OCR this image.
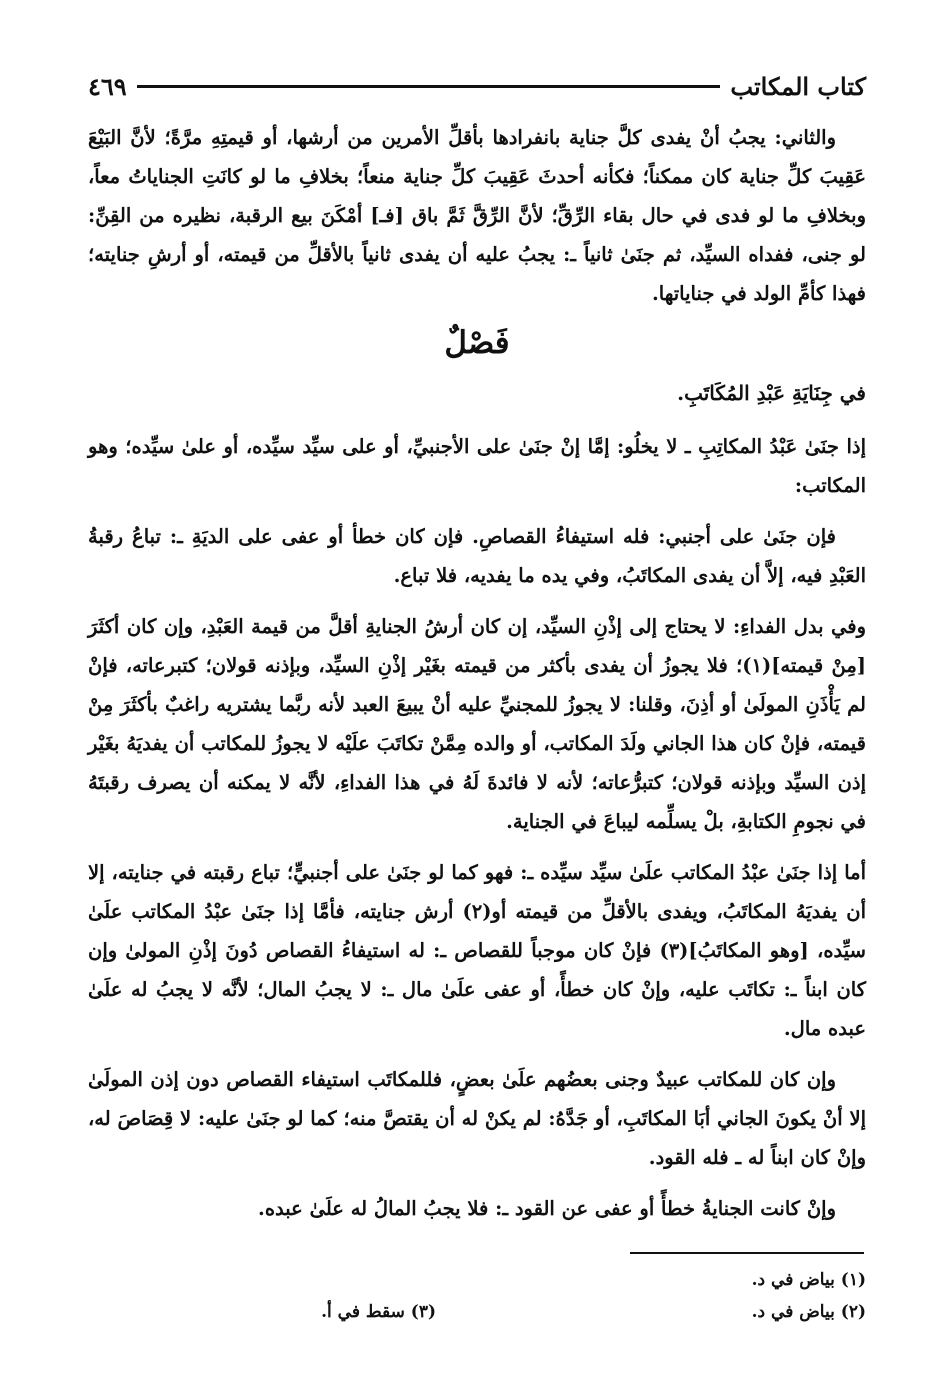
كتاب المكاتب
٤٦٩

والثاني: يجبُ أنْ يفدى كلَّ جناية بانفرادها بأقلِّ الأمرين من أرشها، أو قيمتِهِ مرَّةً؛ لأنَّ البَيْعَ عَقِيبَ كلِّ جناية كان ممكناً؛ فكأنه أحدثَ عَقِيبَ كلِّ جناية منعاً؛ بخلافِ ما لو كانَتِ الجناياتُ معاً، وبخلافِ ما لو فدى في حال بقاء الرِّقِّ؛ لأنَّ الرِّقَّ ثَمَّ باق [فـ] أمْكَنَ بيع الرقبة، نظيره من القِنِّ: لو جنى، ففداه السيِّد، ثم جنَىٰ ثانياً ـ: يجبُ عليه أن يفدى ثانياً بالأقلِّ من قيمته، أو أرشِ جنايته؛ فهذا كأمِّ الولد في جناياتها.

فَصْلٌ

في جِنَايَةِ عَبْدِ المُكَاتَبِ.

إذا جنَىٰ عَبْدُ المكاتِبِ ـ لا يخلُو: إمَّا إنْ جنَىٰ على الأجنبيِّ، أو على سيِّد سيِّده، أو علىٰ سيِّده؛ وهو المكاتب:

فإن جنَىٰ على أجنبي: فله استيفاءُ القصاصِ. فإن كان خطأ أو عفى على الديَةِ ـ: تباعُ رقبةُ العَبْدِ فيه، إلاَّ أن يفدى المكاتَبُ، وفي يده ما يفديه، فلا تباع.

وفي بدل الفداءِ: لا يحتاج إلى إذْنِ السيِّد، إن كان أرشُ الجنايةِ أقلَّ من قيمة العَبْدِ، وإن كان أكثَرَ [مِنْ قيمته](١)؛ فلا يجوزُ أن يفدى بأكثر من قيمته بغَيْر إذْنِ السيِّد، وبإذنه قولان؛ كتبرعاته، فإنْ لم يَأْذَنِ المولَىٰ أو أذِنَ، وقلنا: لا يجوزُ للمجنيِّ عليه أنْ يبيعَ العبد لأنه ربَّما يشتريه راغبٌ بأكثَرَ مِنْ قيمته، فإنْ كان هذا الجاني ولَدَ المكاتب، أو والده مِمَّنْ تكاتَبَ علَيْه لا يجوزُ للمكاتب أن يفديَهُ بغَيْر إذن السيِّد وبإذنه قولان؛ كتبرُّعاته؛ لأنه لا فائدةَ لَهُ في هذا الفداءِ، لأنَّه لا يمكنه أن يصرف رقبتَهُ في نجومِ الكتابةِ، بلْ يسلِّمه ليباعَ في الجناية.

أما إذا جنَىٰ عبْدُ المكاتب علَىٰ سيِّد سيِّده ـ: فهو كما لو جنَىٰ على أجنبيٍّ؛ تباع رقبته في جنايته، إلا أن يفديَهُ المكاتَبُ، ويفدى بالأقلِّ من قيمته أو(٢) أرش جنايته، فأمَّا إذا جنَىٰ عبْدُ المكاتب علَىٰ سيِّده، [وهو المكاتَبُ](٣) فإنْ كان موجباً للقصاص ـ: له استيفاءُ القصاص دُونَ إذْنِ المولىٰ وإن كان ابناً ـ: تكاتَب عليه، وإنْ كان خطأً، أو عفى علَىٰ مال ـ: لا يجبُ المال؛ لأنَّه لا يجبُ له علَىٰ عبده مال.

وإن كان للمكاتب عبيدٌ وجنى بعضُهم علَىٰ بعضٍ، فللمكاتَب استيفاء القصاص دون إذن المولَىٰ إلا أنْ يكونَ الجاني أبَا المكاتَبِ، أو جَدَّهُ: لم يكنْ له أن يقتصَّ منه؛ كما لو جنَىٰ عليه: لا قِصَاصَ له، وإنْ كان ابناً له ـ فله القود.

وإنْ كانت الجنايةُ خطأً أو عفى عن القود ـ: فلا يجبُ المالُ له علَىٰ عبده.

(١) بياض في د.
(٢) بياض في د.
(٣) سقط في أ.
